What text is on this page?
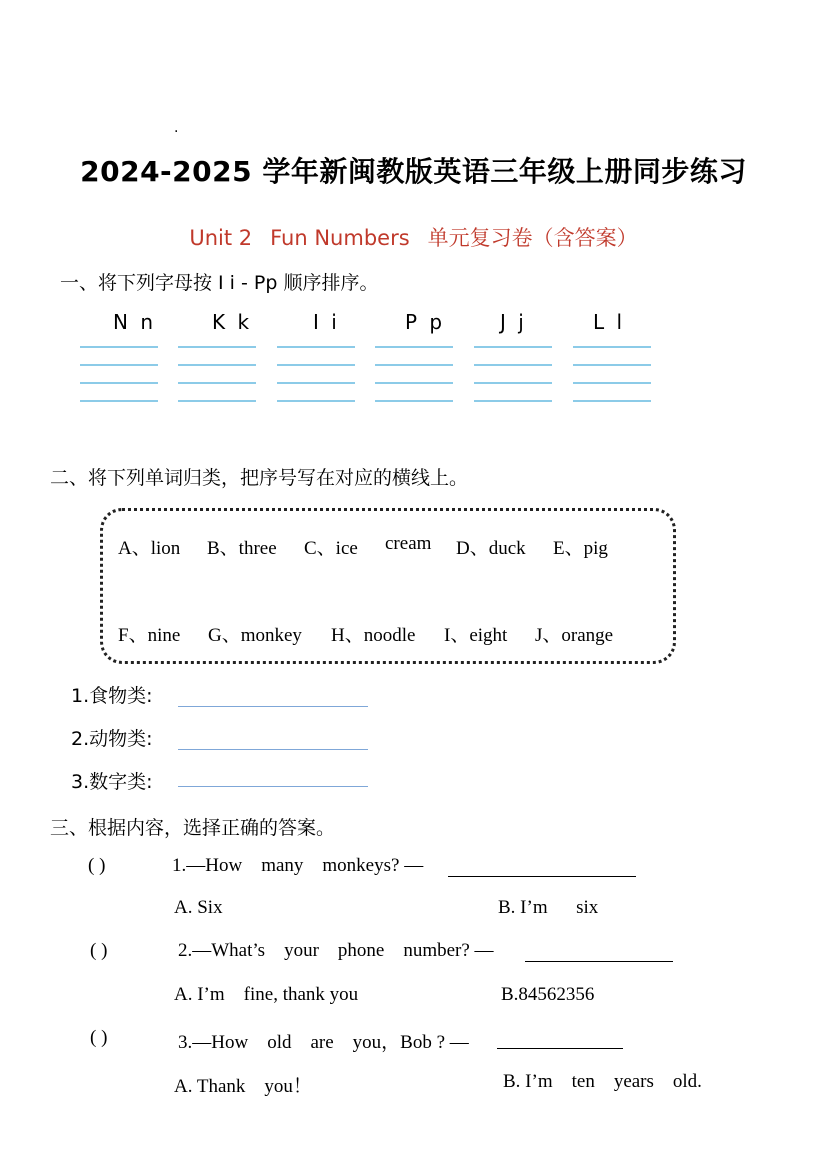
·
2024-2025 学年新闽教版英语三年级上册同步练习
Unit 2 Fun Numbers 单元复习卷（含答案）
一、将下列字母按 I i - Pp 顺序排序。
N n	K k	I i	P p	J j	L l
二、将下列单词归类，把序号写在对应的横线上。
A、lion B、three C、ice cream D、duck E、pig
F、nine G、monkey H、noodle I、eight J、orange
1.食物类:
2.动物类:
3.数字类:
三、根据内容，选择正确的答案。
( )	1.—How    many    monkeys? —
A. Six	B. I’m      six
( )	2.—What’s    your    phone    number? —
A. I’m    fine, thank you	B.84562356
( )	3.—How    old    are    you，Bob ? —
A. Thank    you！	B. I’m    ten    years    old.
